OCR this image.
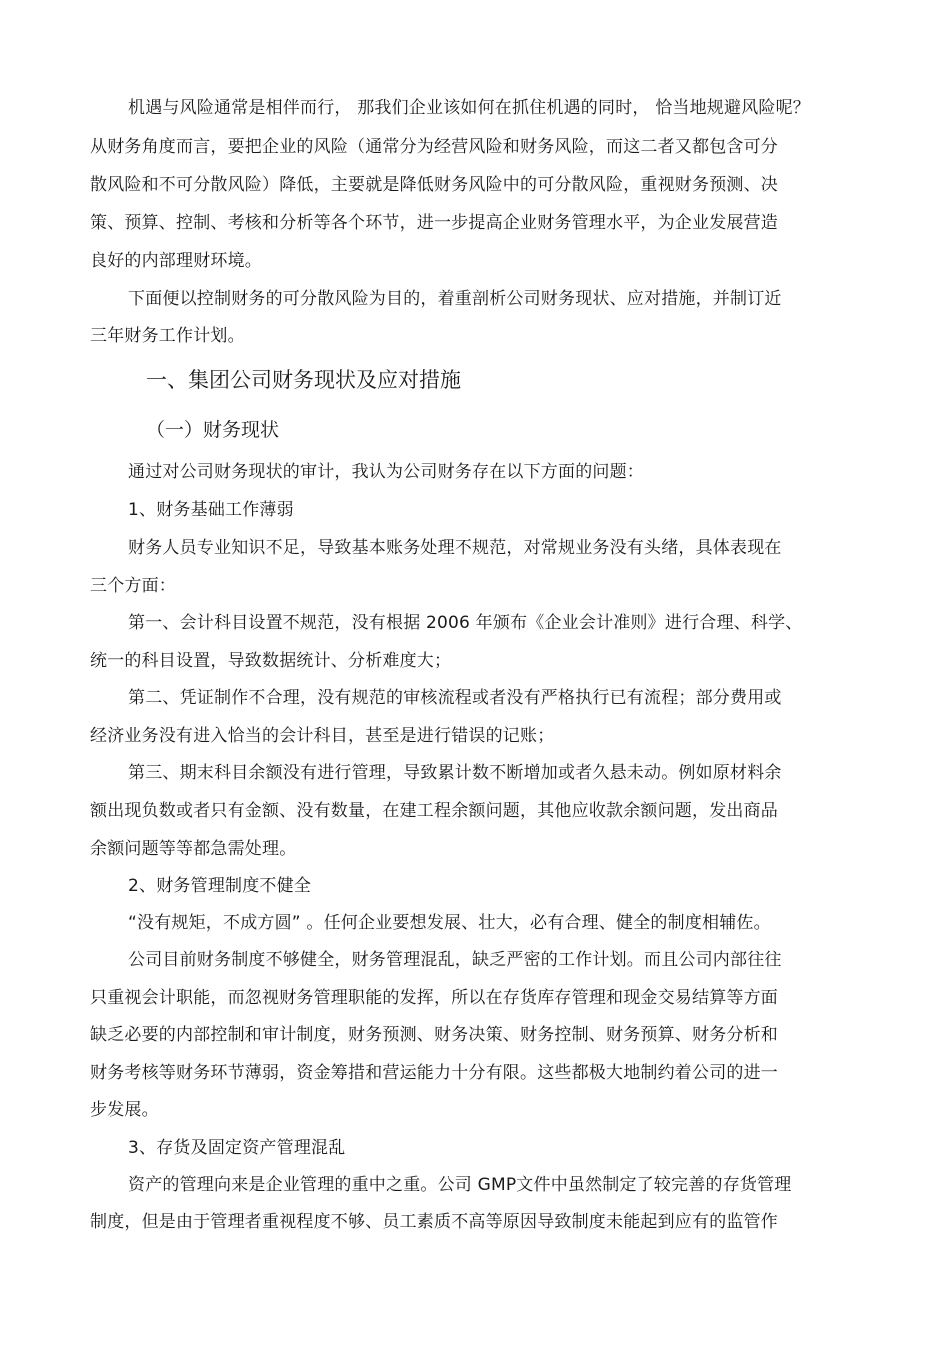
机遇与风险通常是相伴而行， 那我们企业该如何在抓住机遇的同时， 恰当地规避风险呢？
从财务角度而言，要把企业的风险（通常分为经营风险和财务风险，而这二者又都包含可分
散风险和不可分散风险）降低，主要就是降低财务风险中的可分散风险，重视财务预测、决
策、预算、控制、考核和分析等各个环节，进一步提高企业财务管理水平，为企业发展营造
良好的内部理财环境。
下面便以控制财务的可分散风险为目的，着重剖析公司财务现状、应对措施，并制订近
三年财务工作计划。
一、集团公司财务现状及应对措施
（一）财务现状
通过对公司财务现状的审计，我认为公司财务存在以下方面的问题：
1、财务基础工作薄弱
财务人员专业知识不足，导致基本账务处理不规范，对常规业务没有头绪，具体表现在
三个方面：
第一、会计科目设置不规范，没有根据 2006 年颁布《企业会计准则》进行合理、科学、
统一的科目设置，导致数据统计、分析难度大；
第二、凭证制作不合理，没有规范的审核流程或者没有严格执行已有流程；部分费用或
经济业务没有进入恰当的会计科目，甚至是进行错误的记账；
第三、期末科目余额没有进行管理，导致累计数不断增加或者久悬未动。例如原材料余
额出现负数或者只有金额、没有数量，在建工程余额问题，其他应收款余额问题，发出商品
余额问题等等都急需处理。
2、财务管理制度不健全
“没有规矩，不成方圆” 。任何企业要想发展、壮大，必有合理、健全的制度相辅佐。
公司目前财务制度不够健全，财务管理混乱，缺乏严密的工作计划。而且公司内部往往
只重视会计职能，而忽视财务管理职能的发挥，所以在存货库存管理和现金交易结算等方面
缺乏必要的内部控制和审计制度，财务预测、财务决策、财务控制、财务预算、财务分析和
财务考核等财务环节薄弱，资金筹措和营运能力十分有限。这些都极大地制约着公司的进一
步发展。
3、存货及固定资产管理混乱
资产的管理向来是企业管理的重中之重。公司 GMP文件中虽然制定了较完善的存货管理
制度，但是由于管理者重视程度不够、员工素质不高等原因导致制度未能起到应有的监管作
